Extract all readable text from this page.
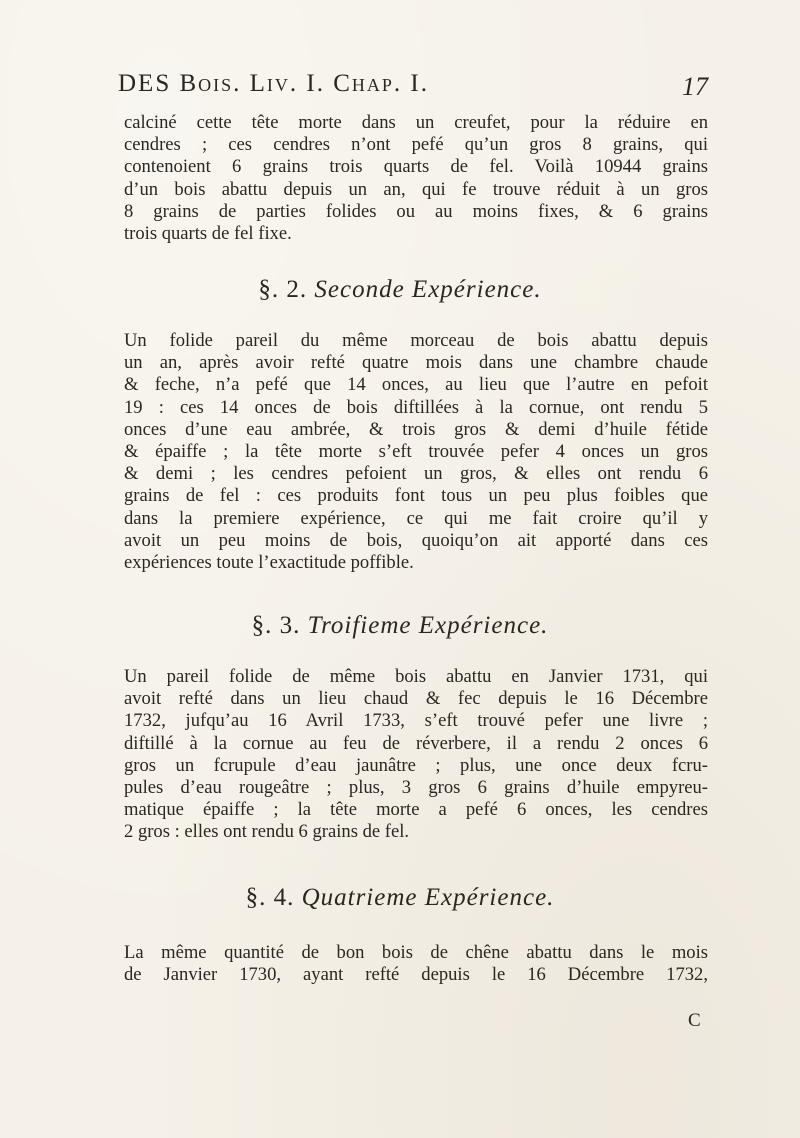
DES Bois. Liv. I. Chap. I.	17
calciné cette tête morte dans un creufet, pour la réduire en
cendres ; ces cendres n’ont pefé qu’un gros 8 grains, qui
contenoient 6 grains trois quarts de fel. Voilà 10944 grains
d’un bois abattu depuis un an, qui fe trouve réduit à un gros
8 grains de parties folides ou au moins fixes, & 6 grains
trois quarts de fel fixe.
§. 2. Seconde Expérience.
Un folide pareil du même morceau de bois abattu depuis
un an, après avoir refté quatre mois dans une chambre chaude
& feche, n’a pefé que 14 onces, au lieu que l’autre en pefoit
19 : ces 14 onces de bois diftillées à la cornue, ont rendu 5
onces d’une eau ambrée, & trois gros & demi d’huile fétide
& épaiffe ; la tête morte s’eft trouvée pefer 4 onces un gros
& demi ; les cendres pefoient un gros, & elles ont rendu 6
grains de fel : ces produits font tous un peu plus foibles que
dans la premiere expérience, ce qui me fait croire qu’il y
avoit un peu moins de bois, quoiqu’on ait apporté dans ces
expériences toute l’exactitude poffible.
§. 3. Troifieme Expérience.
Un pareil folide de même bois abattu en Janvier 1731, qui
avoit refté dans un lieu chaud & fec depuis le 16 Décembre
1732, jufqu’au 16 Avril 1733, s’eft trouvé pefer une livre ;
diftillé à la cornue au feu de réverbere, il a rendu 2 onces 6
gros un fcrupule d’eau jaunâtre ; plus, une once deux fcru-
pules d’eau rougeâtre ; plus, 3 gros 6 grains d’huile empyreu-
matique épaiffe ; la tête morte a pefé 6 onces, les cendres
2 gros : elles ont rendu 6 grains de fel.
§. 4. Quatrieme Expérience.
La même quantité de bon bois de chêne abattu dans le mois
de Janvier 1730, ayant refté depuis le 16 Décembre 1732,
C
